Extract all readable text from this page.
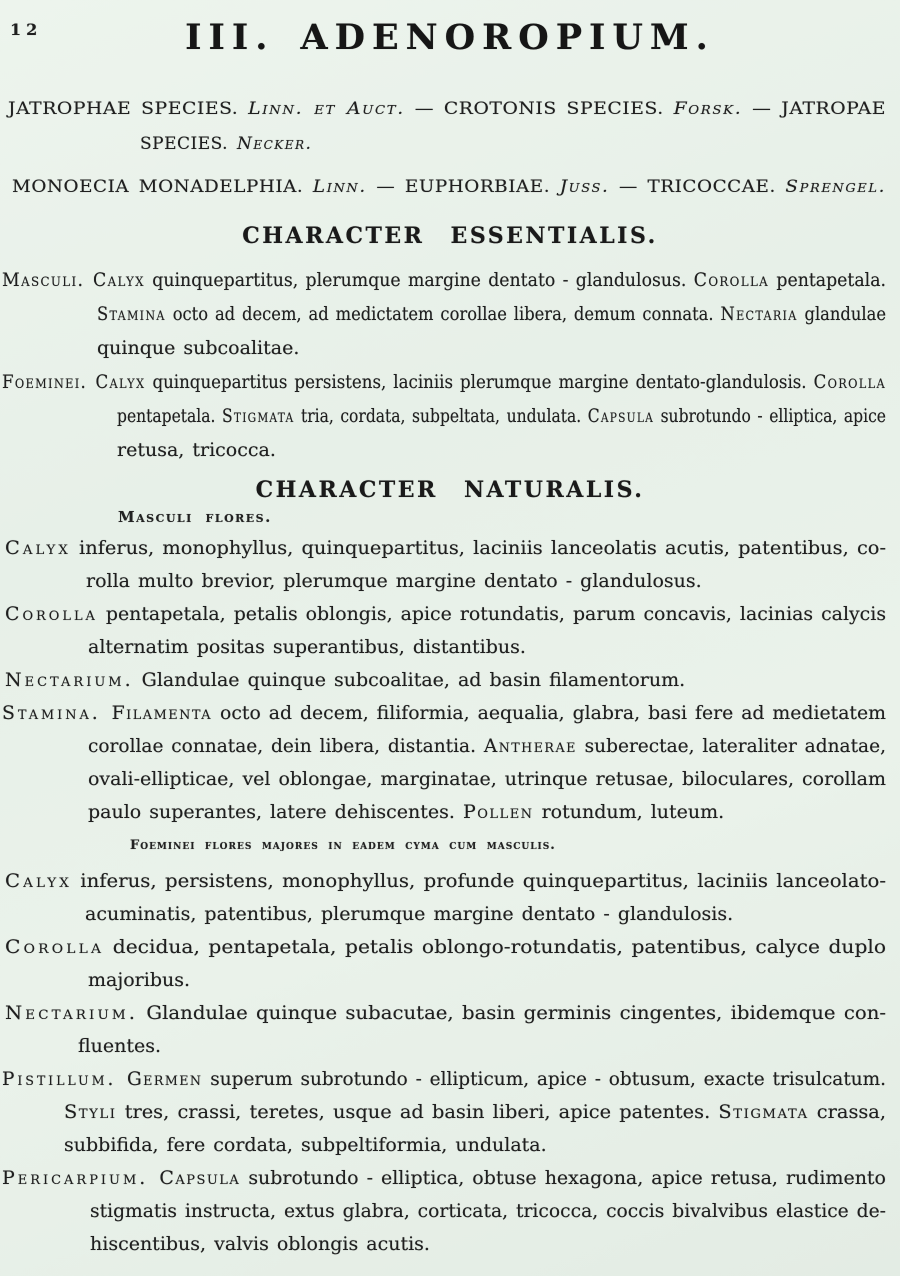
12	III. ADENOROPIUM.
JATROPHAE SPECIES. Linn. et Auct. — CROTONIS SPECIES. Forsk. — JATROPAE
SPECIES. Necker.
MONOECIA MONADELPHIA. Linn. — EUPHORBIAE. Juss. — TRICOCCAE. Sprengel.
CHARACTER ESSENTIALIS.
Masculi. Calyx quinquepartitus, plerumque margine dentato - glandulosus. Corolla pentapetala.
Stamina octo ad decem, ad medictatem corollae libera, demum connata. Nectaria glandulae
quinque subcoalitae.
Foeminei. Calyx quinquepartitus persistens, laciniis plerumque margine dentato-glandulosis. Corolla
pentapetala. Stigmata tria, cordata, subpeltata, undulata. Capsula subrotundo - elliptica, apice
retusa, tricocca.
CHARACTER NATURALIS.
Masculi flores.
Calyx inferus, monophyllus, quinquepartitus, laciniis lanceolatis acutis, patentibus, co-
rolla multo brevior, plerumque margine dentato - glandulosus.
Corolla pentapetala, petalis oblongis, apice rotundatis, parum concavis, lacinias calycis
alternatim positas superantibus, distantibus.
Nectarium. Glandulae quinque subcoalitae, ad basin filamentorum.
Stamina. Filamenta octo ad decem, filiformia, aequalia, glabra, basi fere ad medietatem
corollae connatae, dein libera, distantia. Antherae suberectae, lateraliter adnatae,
ovali-ellipticae, vel oblongae, marginatae, utrinque retusae, biloculares, corollam
paulo superantes, latere dehiscentes. Pollen rotundum, luteum.
Foeminei flores majores in eadem cyma cum masculis.
Calyx inferus, persistens, monophyllus, profunde quinquepartitus, laciniis lanceolato-
acuminatis, patentibus, plerumque margine dentato - glandulosis.
Corolla decidua, pentapetala, petalis oblongo-rotundatis, patentibus, calyce duplo
majoribus.
Nectarium. Glandulae quinque subacutae, basin germinis cingentes, ibidemque con-
fluentes.
Pistillum. Germen superum subrotundo - ellipticum, apice - obtusum, exacte trisulcatum.
Styli tres, crassi, teretes, usque ad basin liberi, apice patentes. Stigmata crassa,
subbifida, fere cordata, subpeltiformia, undulata.
Pericarpium. Capsula subrotundo - elliptica, obtuse hexagona, apice retusa, rudimento
stigmatis instructa, extus glabra, corticata, tricocca, coccis bivalvibus elastice de-
hiscentibus, valvis oblongis acutis.
